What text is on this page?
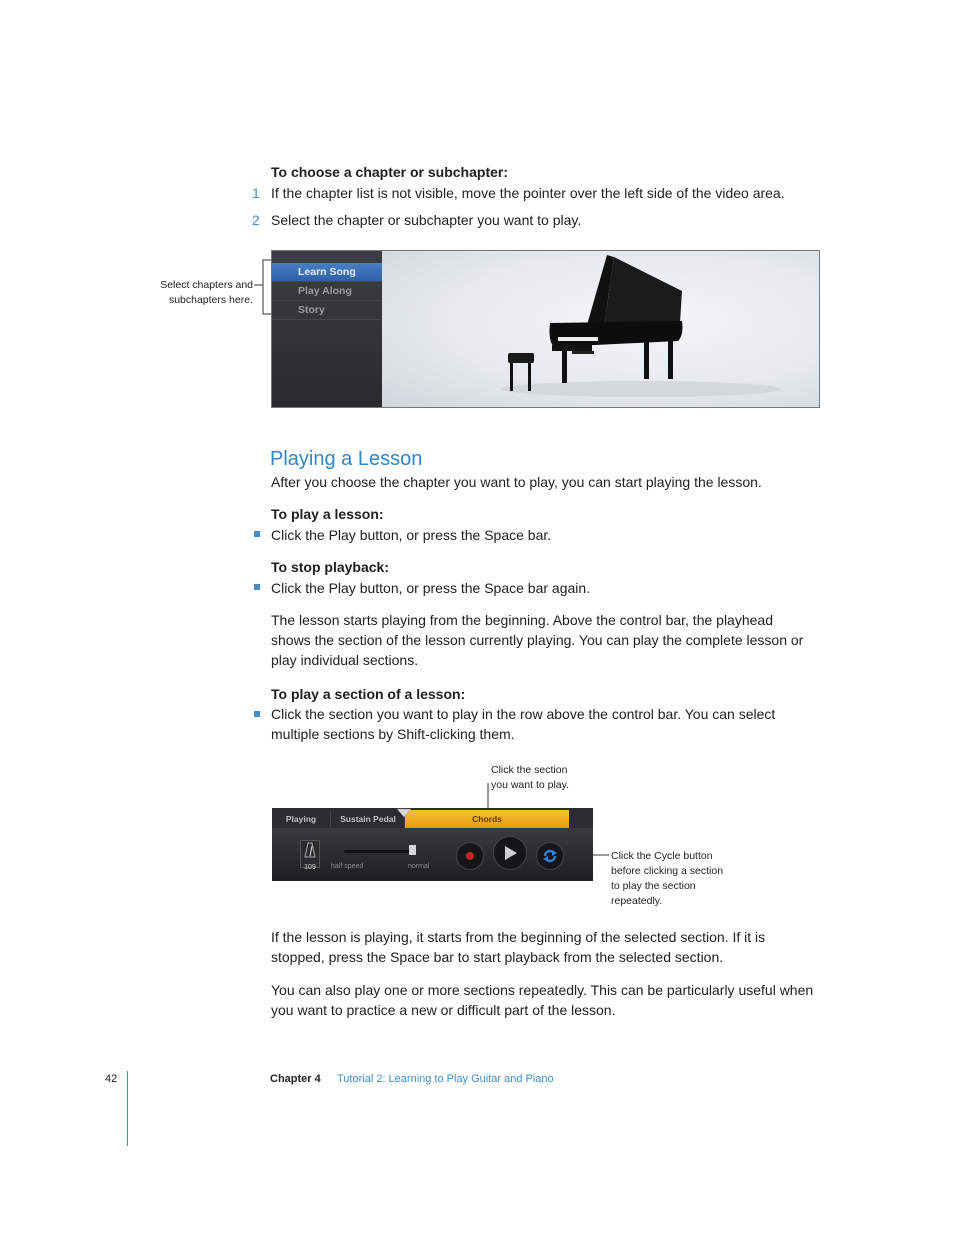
To choose a chapter or subchapter:
1 If the chapter list is not visible, move the pointer over the left side of the video area.
2 Select the chapter or subchapter you want to play.
Select chapters and
subchapters here.
Learn Song
Play Along
Story
Playing a Lesson
After you choose the chapter you want to play, you can start playing the lesson.
To play a lesson:
Click the Play button, or press the Space bar.
To stop playback:
Click the Play button, or press the Space bar again.
The lesson starts playing from the beginning. Above the control bar, the playhead
shows the section of the lesson currently playing. You can play the complete lesson or
play individual sections.
To play a section of a lesson:
Click the section you want to play in the row above the control bar. You can select
multiple sections by Shift-clicking them.
Click the section
you want to play.
Click the Cycle button
before clicking a section
to play the section
repeatedly.
Playing	Sustain Pedal	Chords
109	half speed	normal
If the lesson is playing, it starts from the beginning of the selected section. If it is
stopped, press the Space bar to start playback from the selected section.
You can also play one or more sections repeatedly. This can be particularly useful when
you want to practice a new or difficult part of the lesson.
42	Chapter 4 Tutorial 2: Learning to Play Guitar and Piano
